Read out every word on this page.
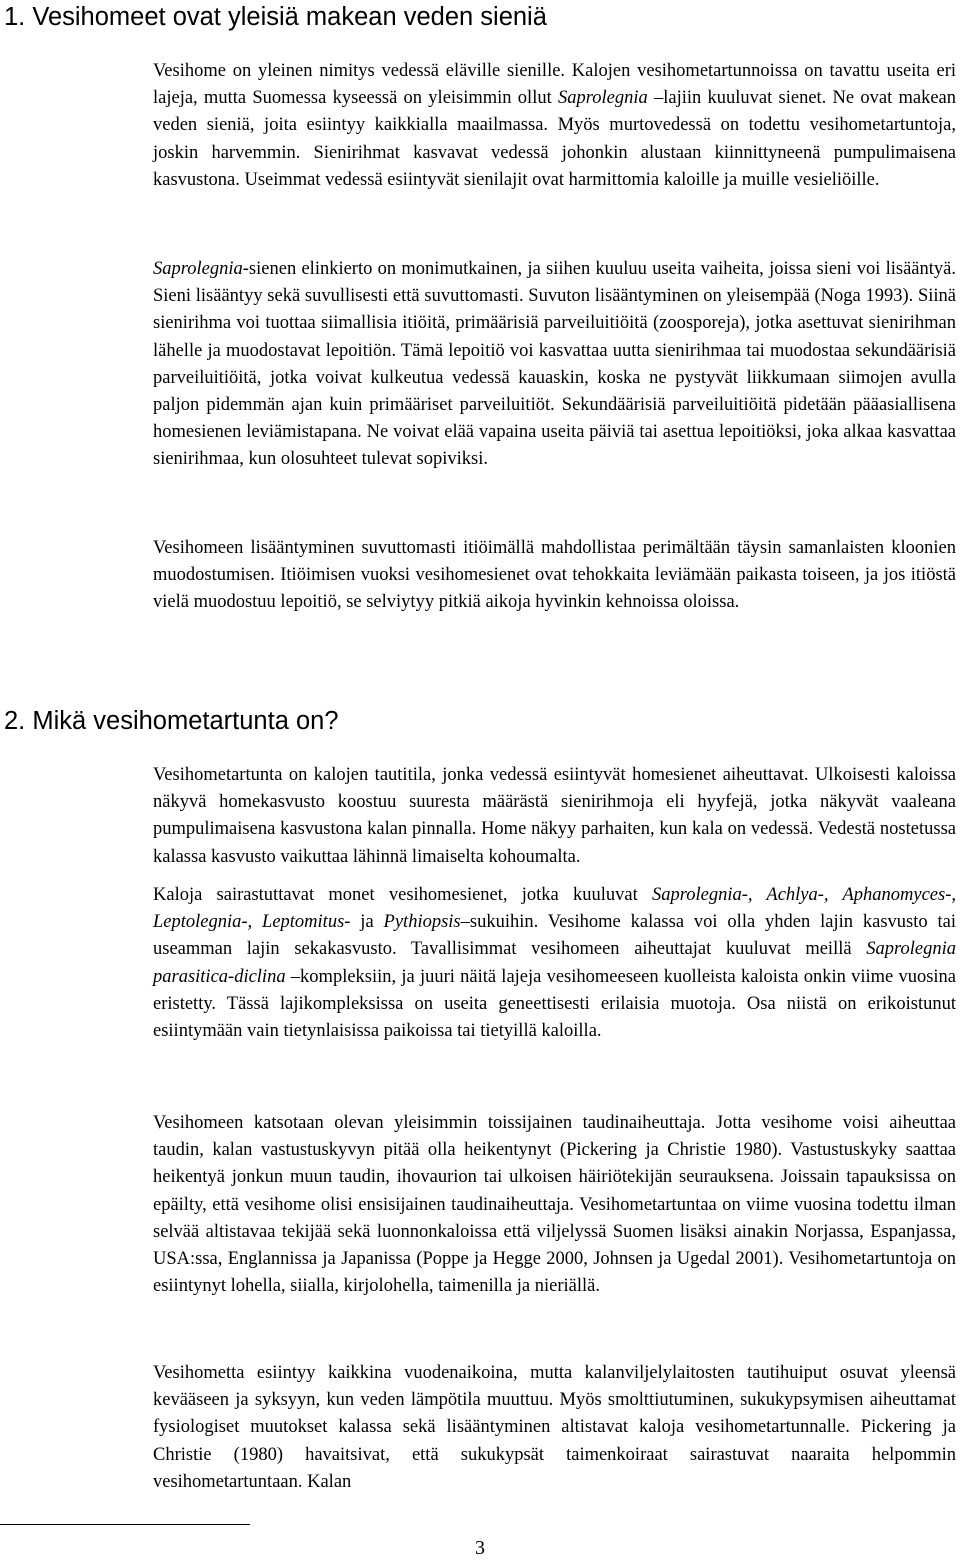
1. Vesihomeet ovat yleisiä makean veden sieniä

Vesihome on yleinen nimitys vedessä eläville sienille. Kalojen vesihometartunnoissa on tavattu useita eri lajeja, mutta Suomessa kyseessä on yleisimmin ollut Saprolegnia –lajiin kuuluvat sienet. Ne ovat makean veden sieniä, joita esiintyy kaikkialla maailmassa. Myös murtovedessä on todettu vesihometartuntoja, joskin harvemmin. Sienirihmat kasvavat vedessä johonkin alustaan kiinnittyneenä pumpulimaisena kasvustona. Useimmat vedessä esiintyvät sienilajit ovat harmittomia kaloille ja muille vesieliöille.

Saprolegnia-sienen elinkierto on monimutkainen, ja siihen kuuluu useita vaiheita, joissa sieni voi lisääntyä. Sieni lisääntyy sekä suvullisesti että suvuttomasti. Suvuton lisääntyminen on yleisempää (Noga 1993). Siinä sienirihma voi tuottaa siimallisia itiöitä, primäärisiä parveiluitiöitä (zoosporeja), jotka asettuvat sienirihman lähelle ja muodostavat lepoitiön. Tämä lepoitiö voi kasvattaa uutta sienirihmaa tai muodostaa sekundäärisiä parveiluitiöitä, jotka voivat kulkeutua vedessä kauaskin, koska ne pystyvät liikkumaan siimojen avulla paljon pidemmän ajan kuin primääriset parveiluitiöt. Sekundäärisiä parveiluitiöitä pidetään pääasiallisena homesienen leviämistapana. Ne voivat elää vapaina useita päiviä tai asettua lepoitiöksi, joka alkaa kasvattaa sienirihmaa, kun olosuhteet tulevat sopiviksi.

Vesihomeen lisääntyminen suvuttomasti itiöimällä mahdollistaa perimältään täysin samanlaisten kloonien muodostumisen. Itiöimisen vuoksi vesihomesienet ovat tehokkaita leviämään paikasta toiseen, ja jos itiöstä vielä muodostuu lepoitiö, se selviytyy pitkiä aikoja hyvinkin kehnoissa oloissa.

2. Mikä vesihometartunta on?

Vesihometartunta on kalojen tautitila, jonka vedessä esiintyvät homesienet aiheuttavat. Ulkoisesti kaloissa näkyvä homekasvusto koostuu suuresta määrästä sienirihmoja eli hyyfejä, jotka näkyvät vaaleana pumpulimaisena kasvustona kalan pinnalla. Home näkyy parhaiten, kun kala on vedessä. Vedestä nostetussa kalassa kasvusto vaikuttaa lähinnä limaiselta kohoumalta.

Kaloja sairastuttavat monet vesihomesienet, jotka kuuluvat Saprolegnia-, Achlya-, Aphanomyces-, Leptolegnia-, Leptomitus- ja Pythiopsis–sukuihin. Vesihome kalassa voi olla yhden lajin kasvusto tai useamman lajin sekakasvusto. Tavallisimmat vesihomeen aiheuttajat kuuluvat meillä Saprolegnia parasitica-diclina –kompleksiin, ja juuri näitä lajeja vesihomeeseen kuolleista kaloista onkin viime vuosina eristetty. Tässä lajikompleksissa on useita geneettisesti erilaisia muotoja. Osa niistä on erikoistunut esiintymään vain tietynlaisissa paikoissa tai tietyillä kaloilla.

Vesihomeen katsotaan olevan yleisimmin toissijainen taudinaiheuttaja. Jotta vesihome voisi aiheuttaa taudin, kalan vastustuskyvyn pitää olla heikentynyt (Pickering ja Christie 1980). Vastustuskyky saattaa heikentyä jonkun muun taudin, ihovaurion tai ulkoisen häiriötekijän seurauksena. Joissain tapauksissa on epäilty, että vesihome olisi ensisijainen taudinaiheuttaja. Vesihometartuntaa on viime vuosina todettu ilman selvää altistavaa tekijää sekä luonnonkaloissa että viljelyssä Suomen lisäksi ainakin Norjassa, Espanjassa, USA:ssa, Englannissa ja Japanissa (Poppe ja Hegge 2000, Johnsen ja Ugedal 2001). Vesihometartuntoja on esiintynyt lohella, siialla, kirjolohella, taimenilla ja nieriällä.

Vesihometta esiintyy kaikkina vuodenaikoina, mutta kalanviljelylaitosten tautihuiput osuvat yleensä kevääseen ja syksyyn, kun veden lämpötila muuttuu. Myös smolttiutuminen, sukukypsymisen aiheuttamat fysiologiset muutokset kalassa sekä lisääntyminen altistavat kaloja vesihometartunnalle. Pickering ja Christie (1980) havaitsivat, että sukukypsät taimenkoiraat sairastuvat naaraita helpommin vesihometartuntaan. Kalan

3
